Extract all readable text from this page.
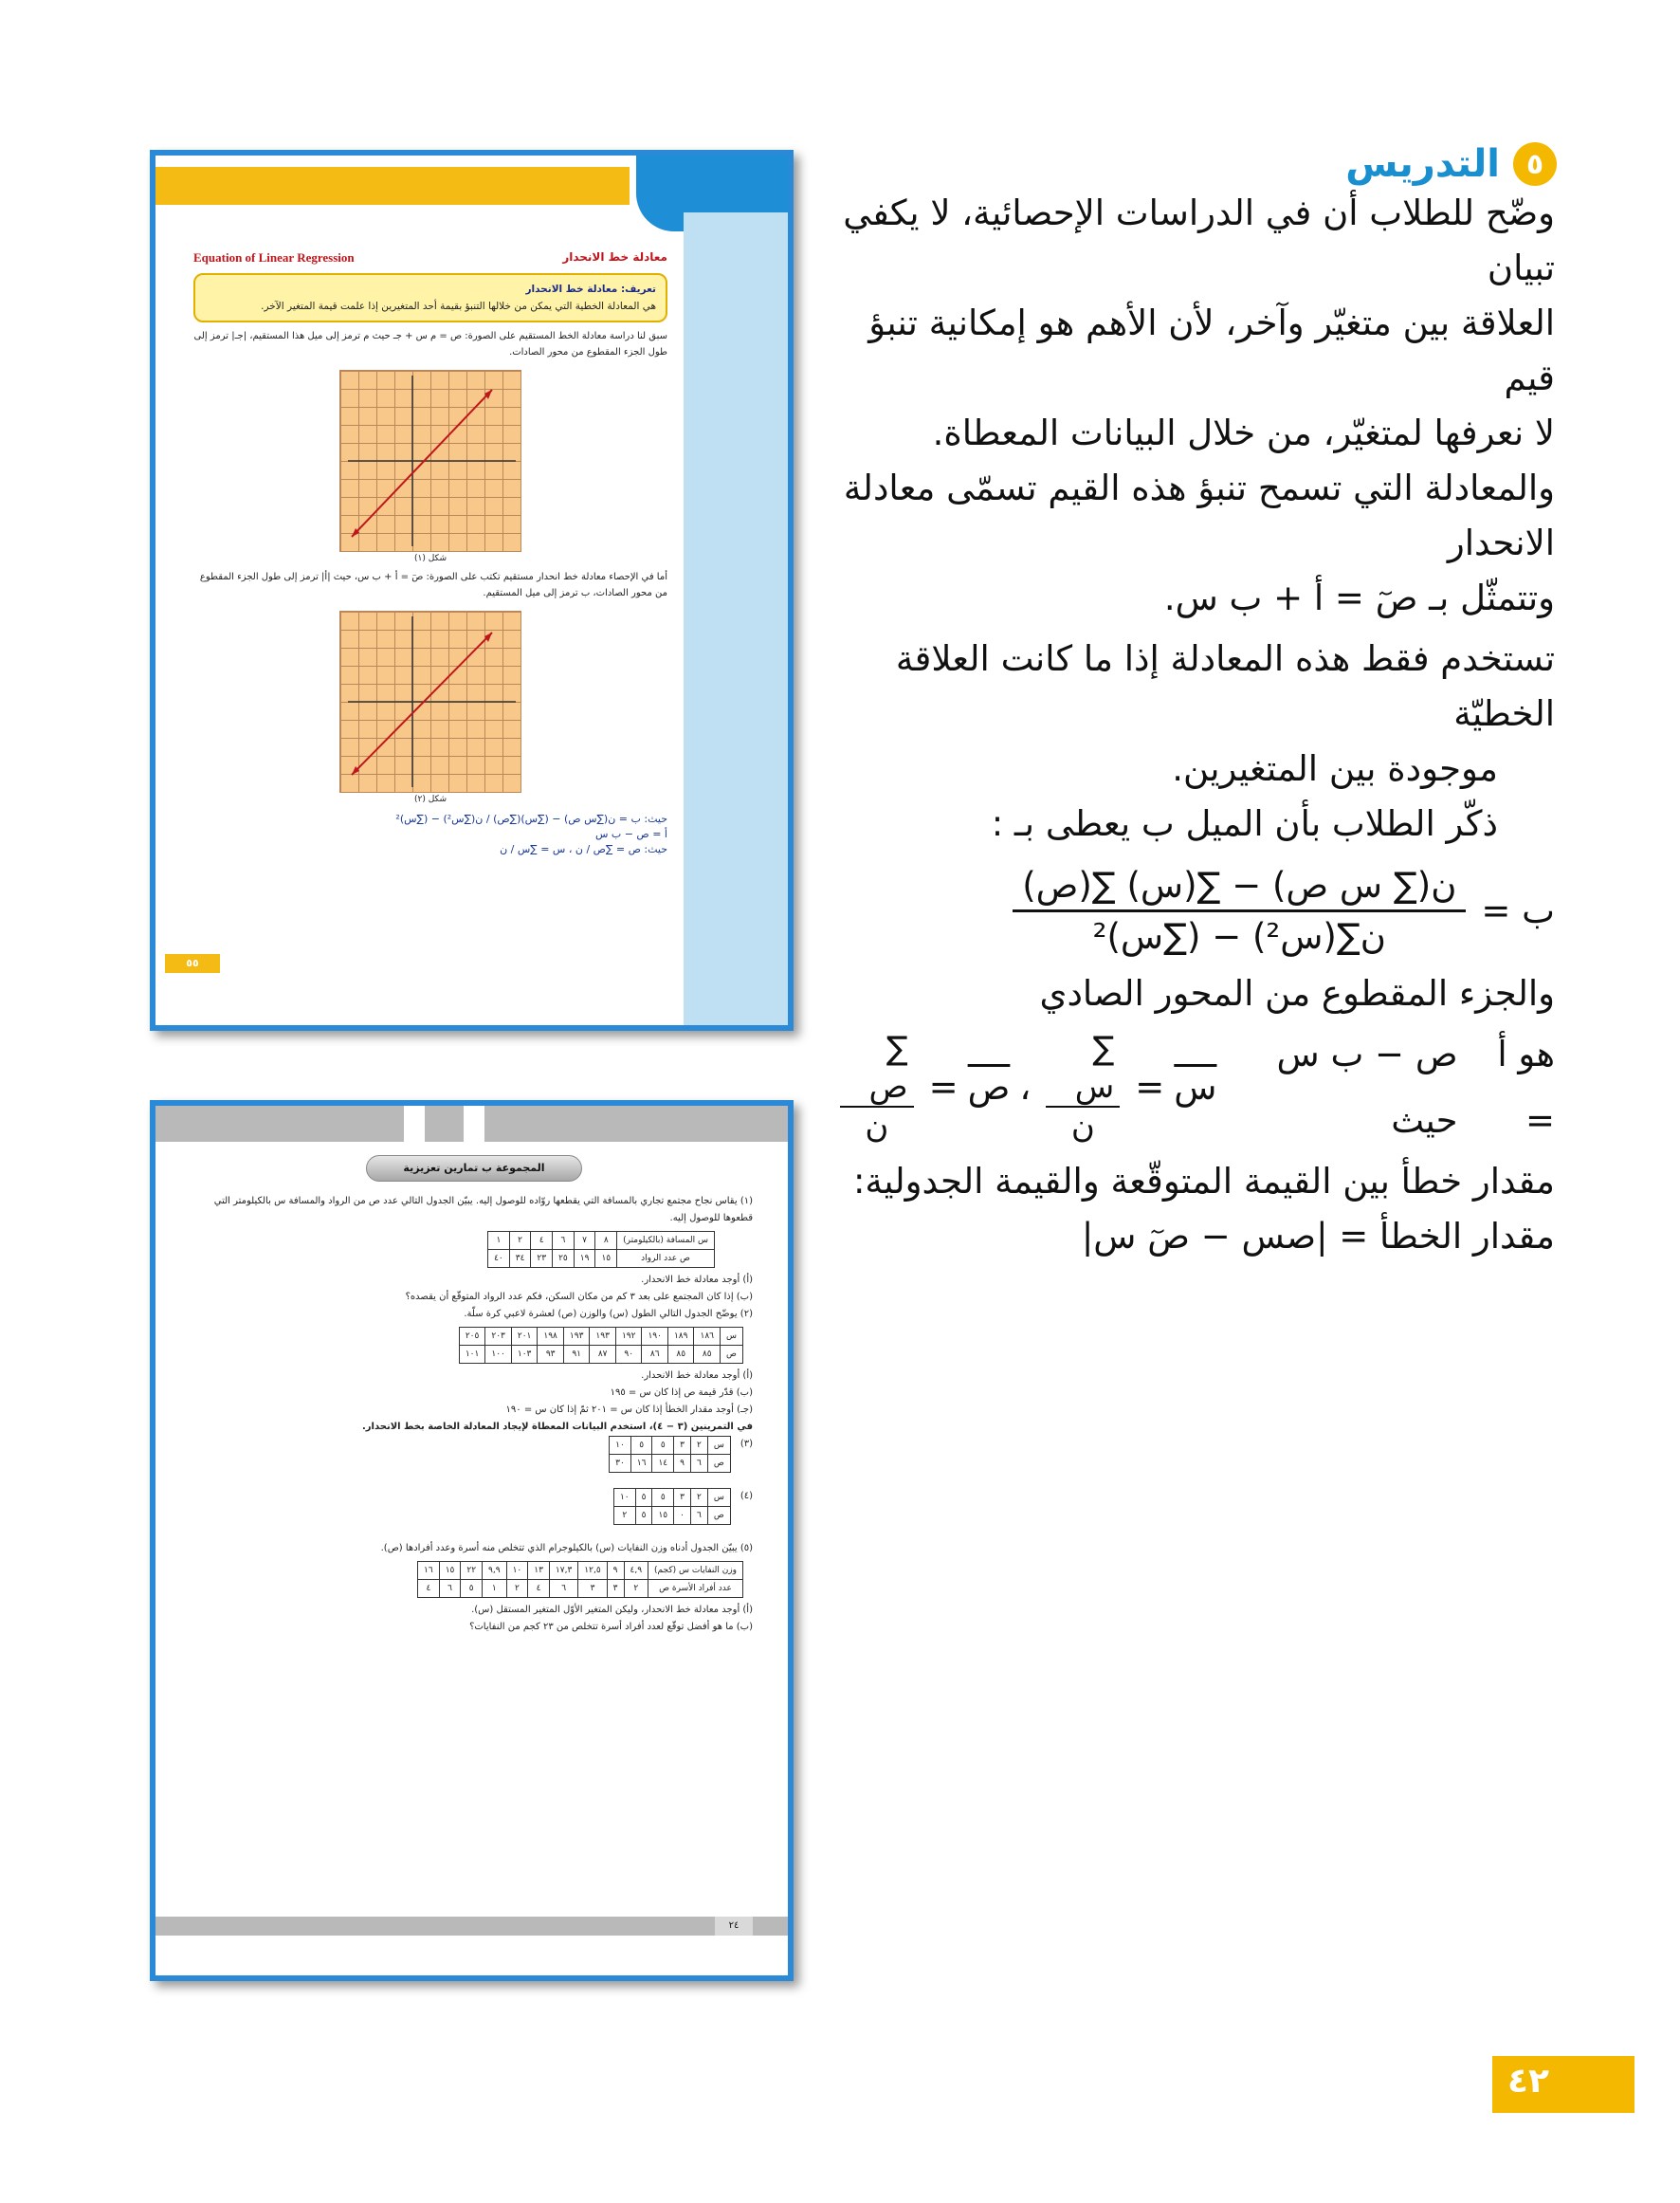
٥
التدريس

وضّح للطلاب أن في الدراسات الإحصائية، لا يكفي تبيان

العلاقة بين متغيّر وآخر، لأن الأهم هو إمكانية تنبؤ قيم

لا نعرفها لمتغيّر، من خلال البيانات المعطاة.

والمعادلة التي تسمح تنبؤ هذه القيم تسمّى معادلة الانحدار

وتتمثّل بـ صٓ = أ + ب س.

تستخدم فقط هذه المعادلة إذا ما كانت العلاقة الخطيّة

موجودة بين المتغيرين.

ذكّر الطلاب بأن الميل ب يعطى بـ :

ب =
$\frac{\text{ن(∑ س ص) − ∑(س) ∑(ص)}}{\text{ن∑(س²) − (∑س)²}}$

والجزء المقطوع من المحور الصادي

هو أ =
ص − ب س حيث
س
=
$\frac{\text{∑ س}}{\text{ن}}$
،
ص
=
$\frac{\text{∑ ص}}{\text{ن}}$

مقدار خطأ بين القيمة المتوقّعة والقيمة الجدولية:

مقدار الخطأ = |صس − صٓ س|

معادلة خط الانحدار
Equation of Linear Regression
تعريف: معادلة خط الانحدار
هي المعادلة الخطية التي يمكن من خلالها التنبؤ بقيمة أحد المتغيرين إذا علمت قيمة المتغير الآخر.
سبق لنا دراسة معادلة الخط المستقيم على الصورة: ص = م س + جـ حيث م ترمز إلى ميل هذا المستقيم، |جـ| ترمز إلى طول الجزء المقطوع من محور الصادات.
شكل (١)
أما في الإحصاء معادلة خط انحدار مستقيم تكتب على الصورة: صٓ = أ + ب س، حيث |أ| ترمز إلى طول الجزء المقطوع من محور الصادات، ب ترمز إلى ميل المستقيم.
شكل (٢)
حيث: ب = ن(∑س ص) − (∑س)(∑ص) / ن(∑س²) − (∑س)²
أ = ص − ب س
حيث: ص = ∑ص / ن ، س = ∑س / ن
٥٥
المجموعة ب تمارين تعزيزية

(١) يقاس نجاح مجتمع تجاري بالمسافة التي يقطعها روّاده للوصول إليه. يبيّن الجدول التالي عدد ص من الرواد والمسافة س بالكيلومتر التي قطعوها للوصول إليه.

س المسافة (بالكيلومتر)	٨	٧	٦	٤	٢	١
ص عدد الرواد	١٥	١٩	٢٥	٢٣	٣٤	٤٠

(أ) أوجد معادلة خط الانحدار.

(ب) إذا كان المجتمع على بعد ٣ كم من مكان السكن، فكم عدد الرواد المتوقّع أن يقصده؟

(٢) يوضّح الجدول التالي الطول (س) والوزن (ص) لعشرة لاعبي كرة سلّة.

س	١٨٦	١٨٩	١٩٠	١٩٢	١٩٣	١٩٣	١٩٨	٢٠١	٢٠٣	٢٠٥
ص	٨٥	٨٥	٨٦	٩٠	٨٧	٩١	٩٣	١٠٣	١٠٠	١٠١

(أ) أوجد معادلة خط الانحدار.

(ب) قدّر قيمة ص إذا كان س = ١٩٥

(جـ) أوجد مقدار الخطأ إذا كان س = ٢٠١ ثمّ إذا كان س = ١٩٠

في التمرينين (٣ − ٤)، استخدم البيانات المعطاة لإيجاد المعادلة الخاصة بخط الانحدار.

(٣)
س	٢	٣	٥	٥	١٠
ص	٦	٩	١٤	١٦	٣٠
(٤)
س	٢	٣	٥	٥	١٠
ص	٦	٠	١٥	٥	٢

(٥) يبيّن الجدول أدناه وزن النفايات (س) بالكيلوجرام الذي تتخلص منه أسرة وعدد أفرادها (ص).

وزن النفايات س (كجم)	٤,٩	٩	١٢,٥	١٧,٣	١٣	١٠	٩,٩	٢٢	١٥	١٦
عدد أفراد الأسرة ص	٢	٣	٣	٦	٤	٢	١	٥	٦	٤

(أ) أوجد معادلة خط الانحدار، وليكن المتغير الأوّل المتغير المستقل (س).

(ب) ما هو أفضل توقّع لعدد أفراد أسرة تتخلص من ٢٣ كجم من النفايات؟

٢٤
٤٢
